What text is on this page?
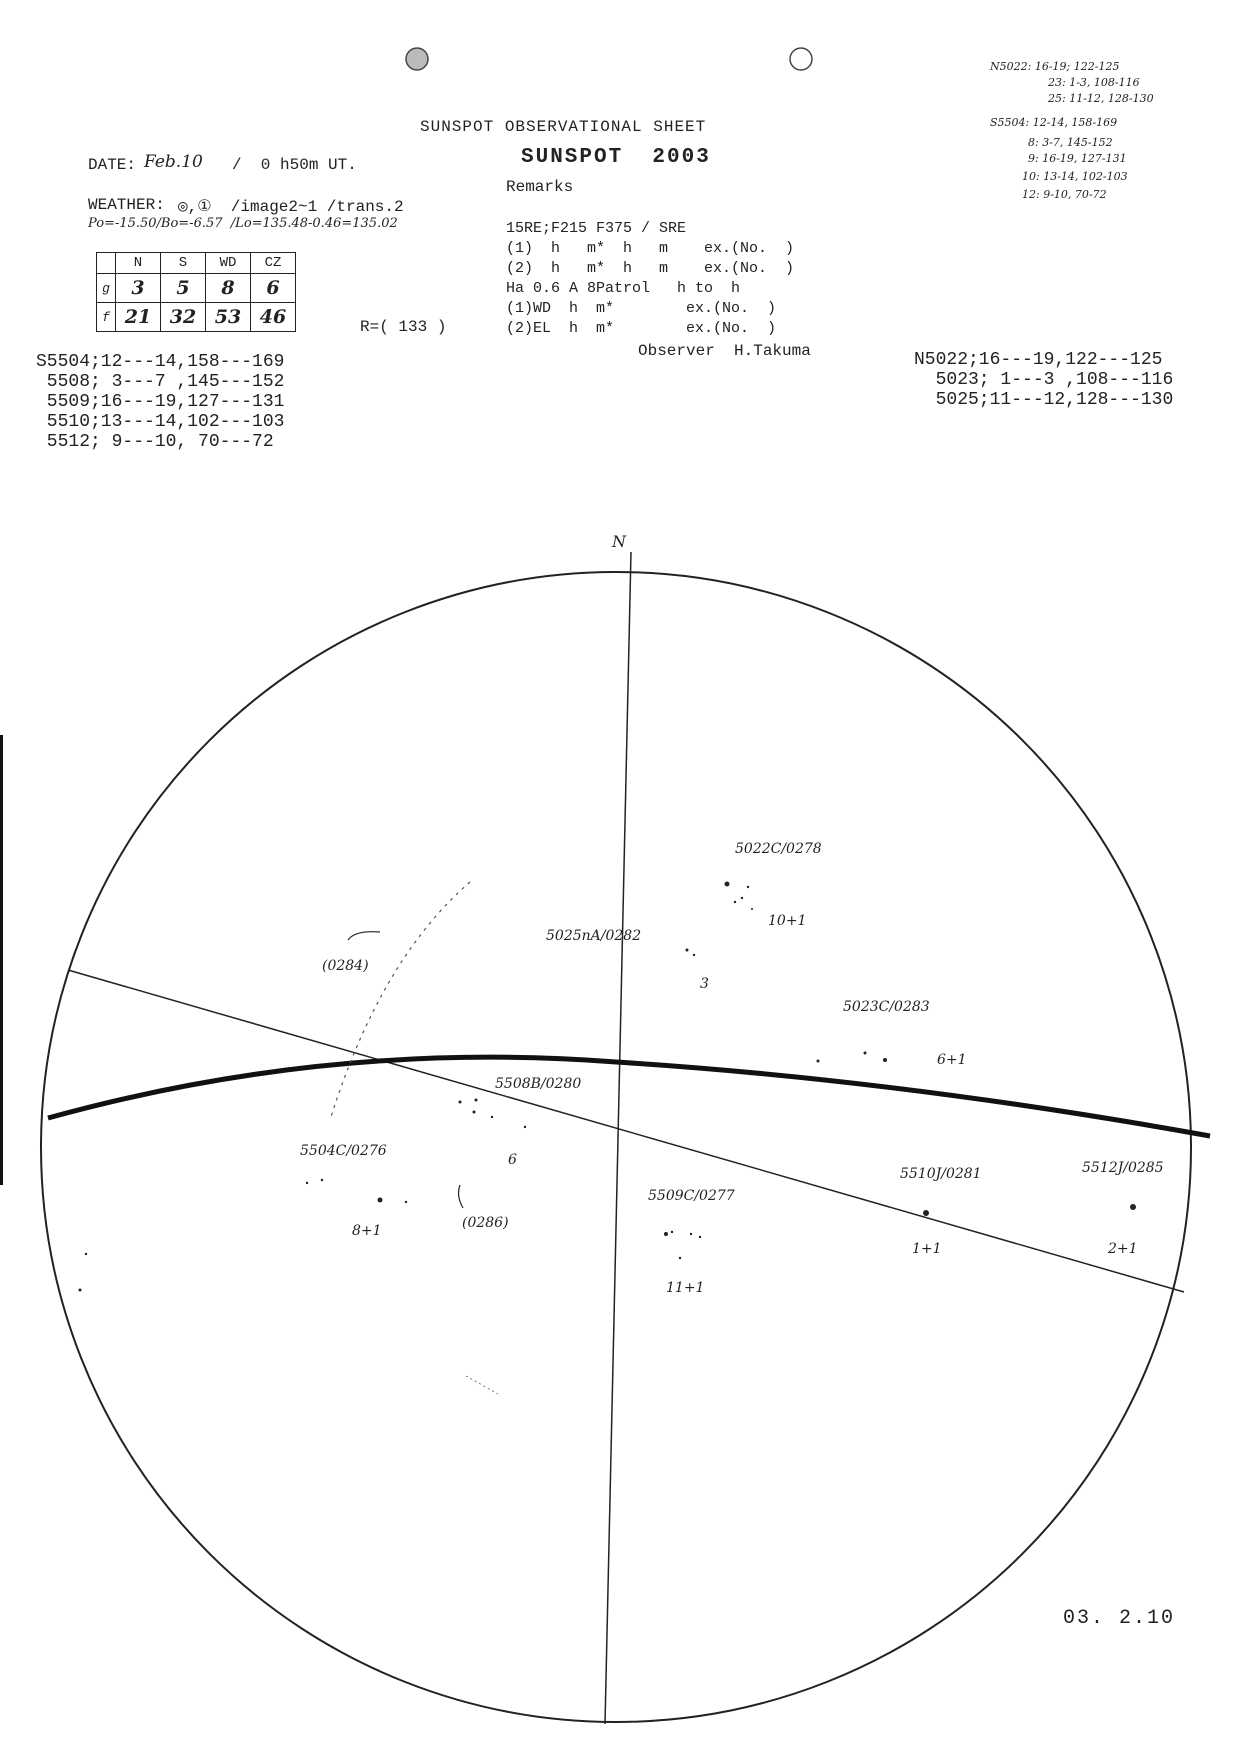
SUNSPOT OBSERVATIONAL SHEET
SUNSPOT  2003
Remarks
DATE: Feb.10 /  0 h50m UT.
WEATHER: ◎,①  /image2~1 /trans.2
Po=-15.50/Bo=-6.57  /Lo=135.48-0.46=135.02	15RE;F215 F375 / SRE
(1)  h   m*  h   m    ex.(No.  )
(2)  h   m*  h   m    ex.(No.  )
Ha 0.6 A 8Patrol   h to  h
(1)WD  h  m*        ex.(No.  )
(2)EL  h  m*        ex.(No.  )
Observer  H.Takuma
	N	S	WD	CZ
g	3	5	8	6
f	21	32	53	46	R=( 133 )
S5504;12---14,158---169
5508; 3---7 ,145---152
5509;16---19,127---131
5510;13---14,102---103
5512; 9---10, 70---72
N5022;16---19,122---125
5023; 1---3 ,108---116
5025;11---12,128---130
N5022: 16-19; 122-125
23: 1-3, 108-116
25: 11-12, 128-130
S5504: 12-14, 158-169
8: 3-7, 145-152
9: 16-19, 127-131
10: 13-14, 102-103
12: 9-10, 70-72
N
5022C/0278
10+1
5025nA/0282
3
5023C/0283
6+1
(0284)
5508B/0280
6
5504C/0276
8+1	(0286)
5509C/0277
11+1
5510J/0281
1+1
5512J/0285
2+1
03. 2.10
